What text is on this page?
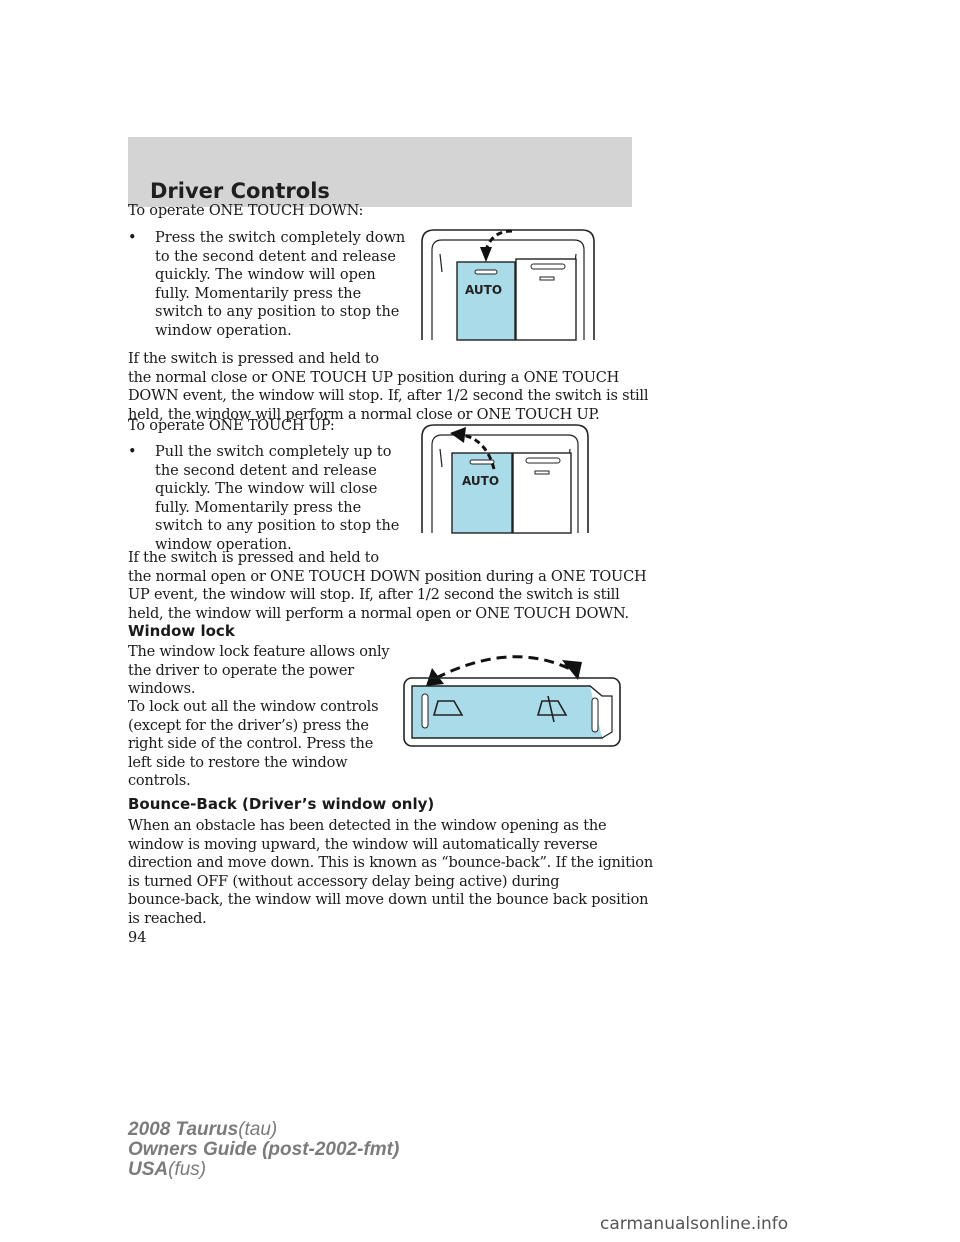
Driver Controls
To operate ONE TOUCH DOWN:
• Press the switch completely down
to the second detent and release
quickly. The window will open
fully. Momentarily press the
switch to any position to stop the
window operation.
If the switch is pressed and held to
the normal close or ONE TOUCH UP position during a ONE TOUCH
DOWN event, the window will stop. If, after 1/2 second the switch is still
held, the window will perform a normal close or ONE TOUCH UP.
AUTO
To operate ONE TOUCH UP:
• Pull the switch completely up to
the second detent and release
quickly. The window will close
fully. Momentarily press the
switch to any position to stop the
window operation.
If the switch is pressed and held to
the normal open or ONE TOUCH DOWN position during a ONE TOUCH
UP event, the window will stop. If, after 1/2 second the switch is still
held, the window will perform a normal open or ONE TOUCH DOWN.
AUTO
Window lock
The window lock feature allows only
the driver to operate the power
windows.
To lock out all the window controls
(except for the driver’s) press the
right side of the control. Press the
left side to restore the window
controls.
Bounce-Back (Driver’s window only)
When an obstacle has been detected in the window opening as the
window is moving upward, the window will automatically reverse
direction and move down. This is known as “bounce-back”. If the ignition
is turned OFF (without accessory delay being active) during
bounce-back, the window will move down until the bounce back position
is reached.
94
2008 Taurus(tau)
Owners Guide (post-2002-fmt)
USA(fus)
carmanualsonline.info
